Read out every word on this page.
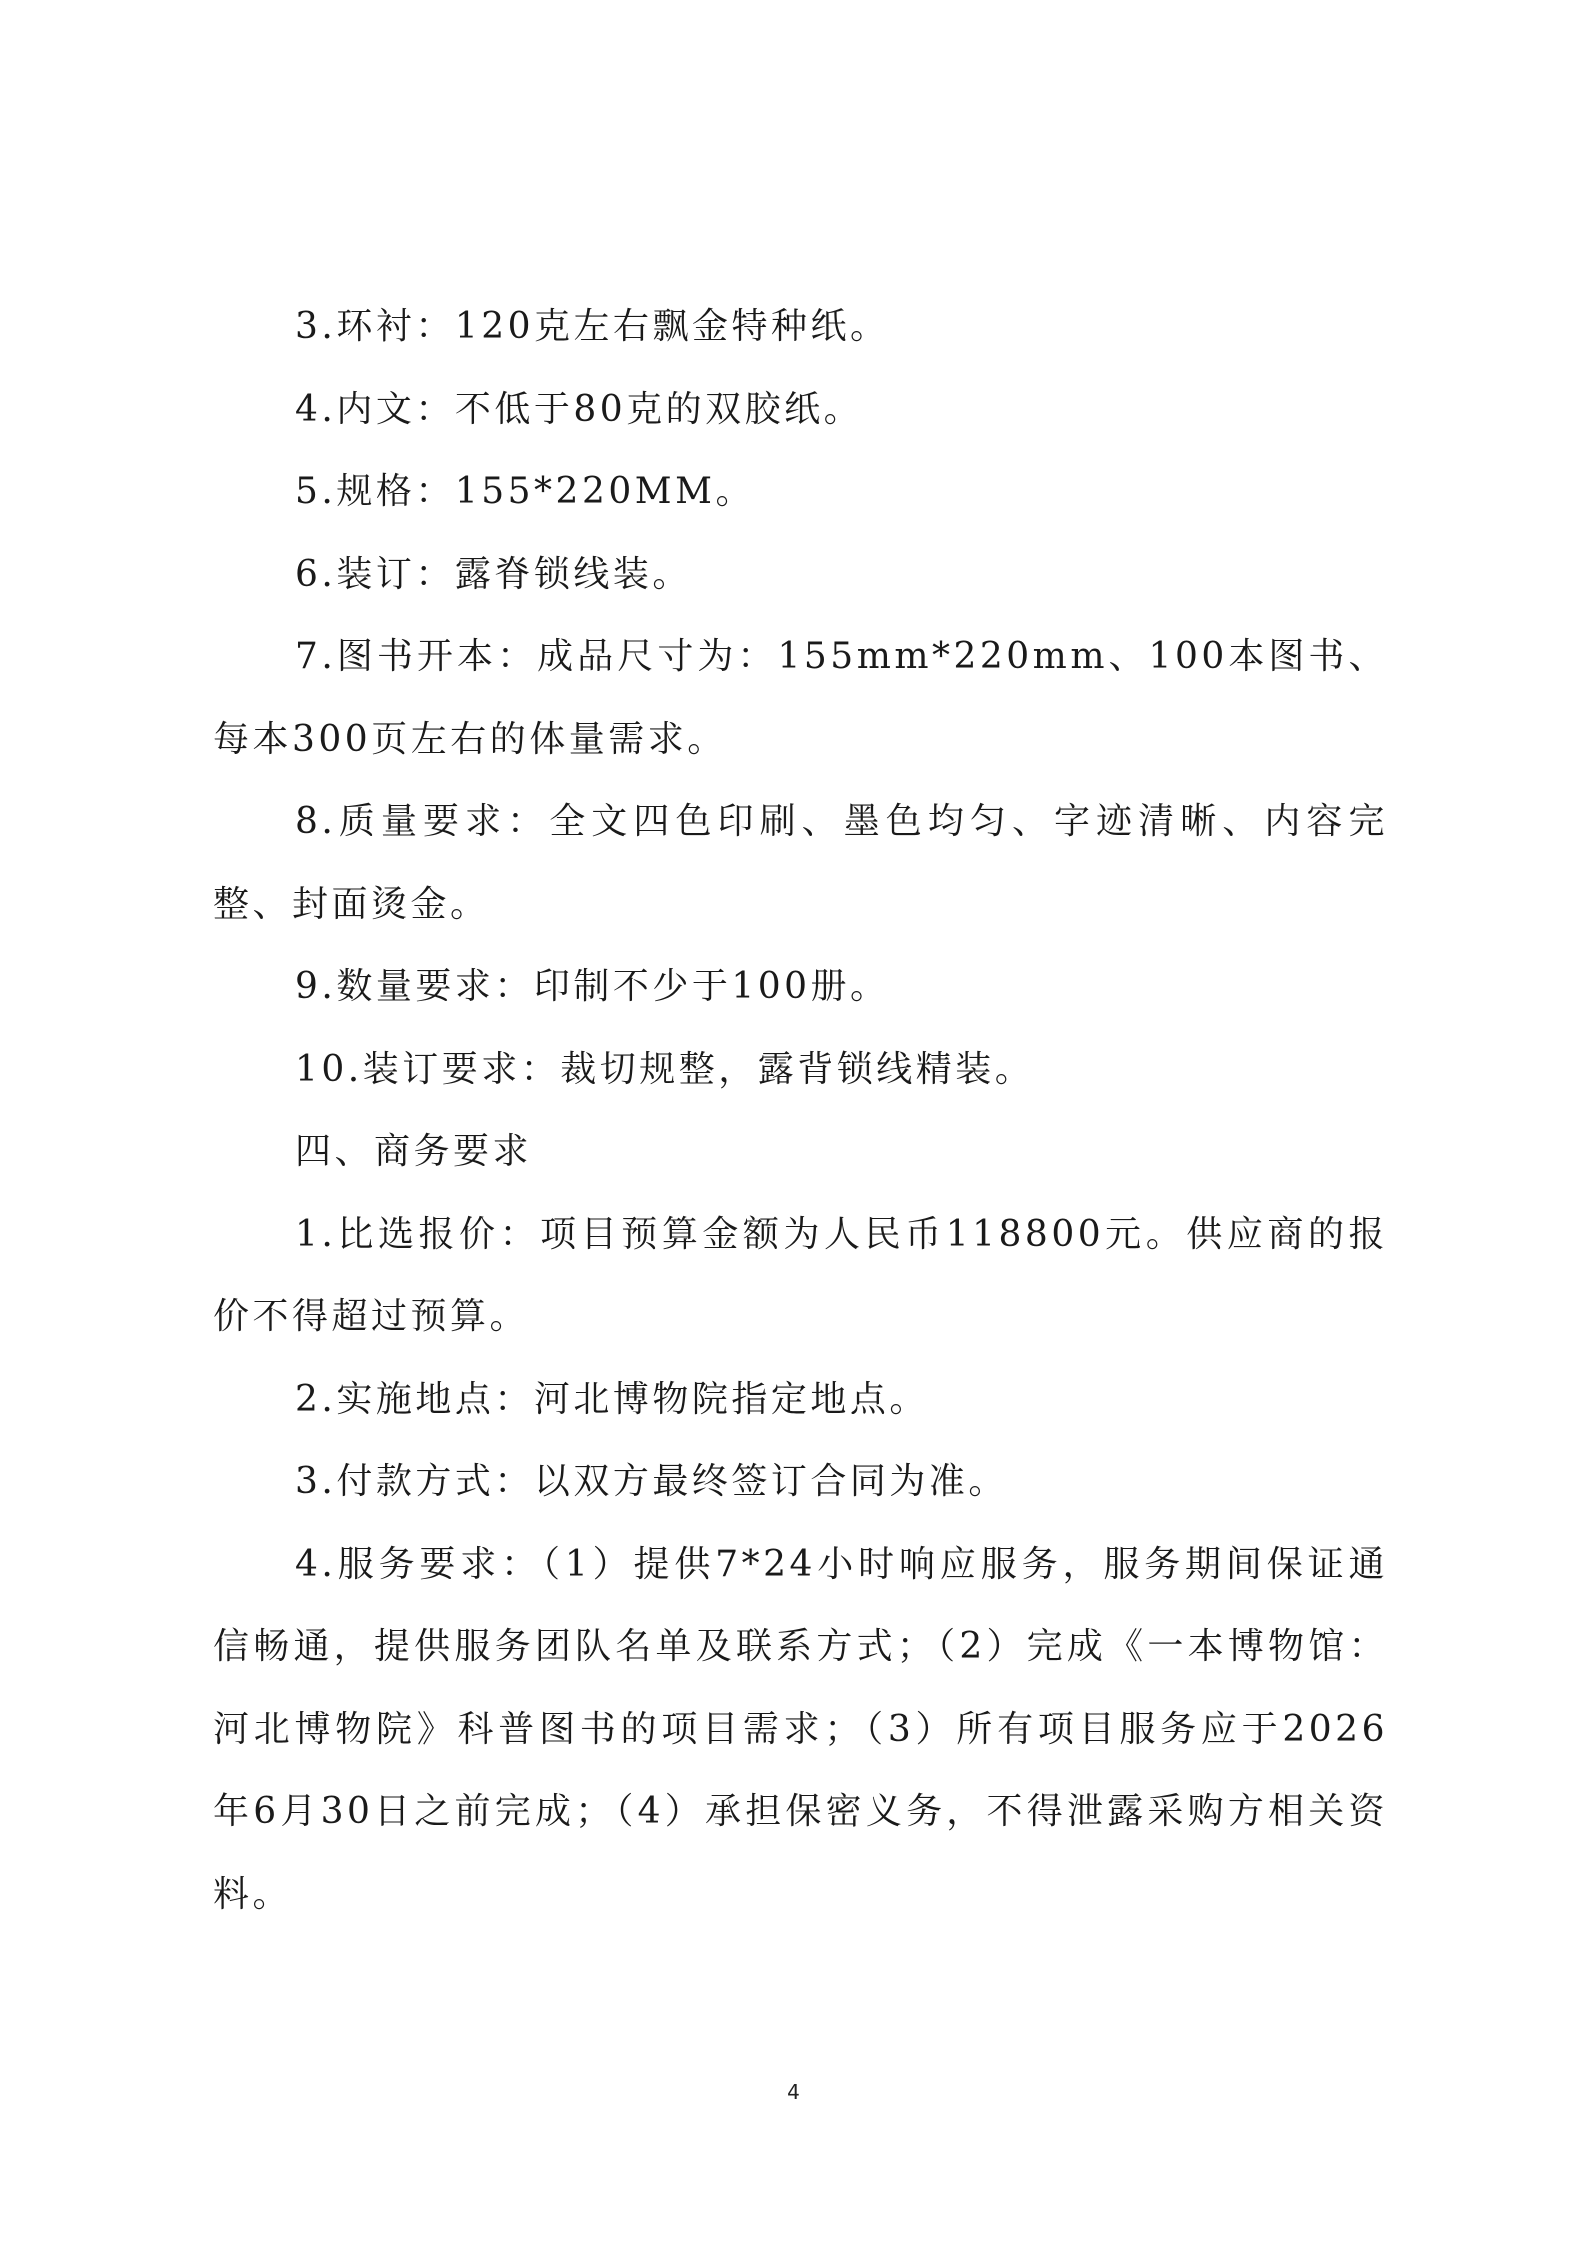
3.环衬：120克左右飘金特种纸。

4.内文：不低于80克的双胶纸。

5.规格：155*220MM。

6.装订：露脊锁线装。

7.图书开本：成品尺寸为：155mm*220mm、100本图书、每本300页左右的体量需求。

8.质量要求：全文四色印刷、墨色均匀、字迹清晰、内容完整、封面烫金。

9.数量要求：印制不少于100册。

10.装订要求：裁切规整，露背锁线精装。

四、商务要求

1.比选报价：项目预算金额为人民币118800元。供应商的报价不得超过预算。

2.实施地点：河北博物院指定地点。

3.付款方式：以双方最终签订合同为准。

4.服务要求：（1）提供7*24小时响应服务，服务期间保证通信畅通，提供服务团队名单及联系方式；（2）完成《一本博物馆：河北博物院》科普图书的项目需求；（3）所有项目服务应于2026年6月30日之前完成；（4）承担保密义务，不得泄露采购方相关资料。

4
